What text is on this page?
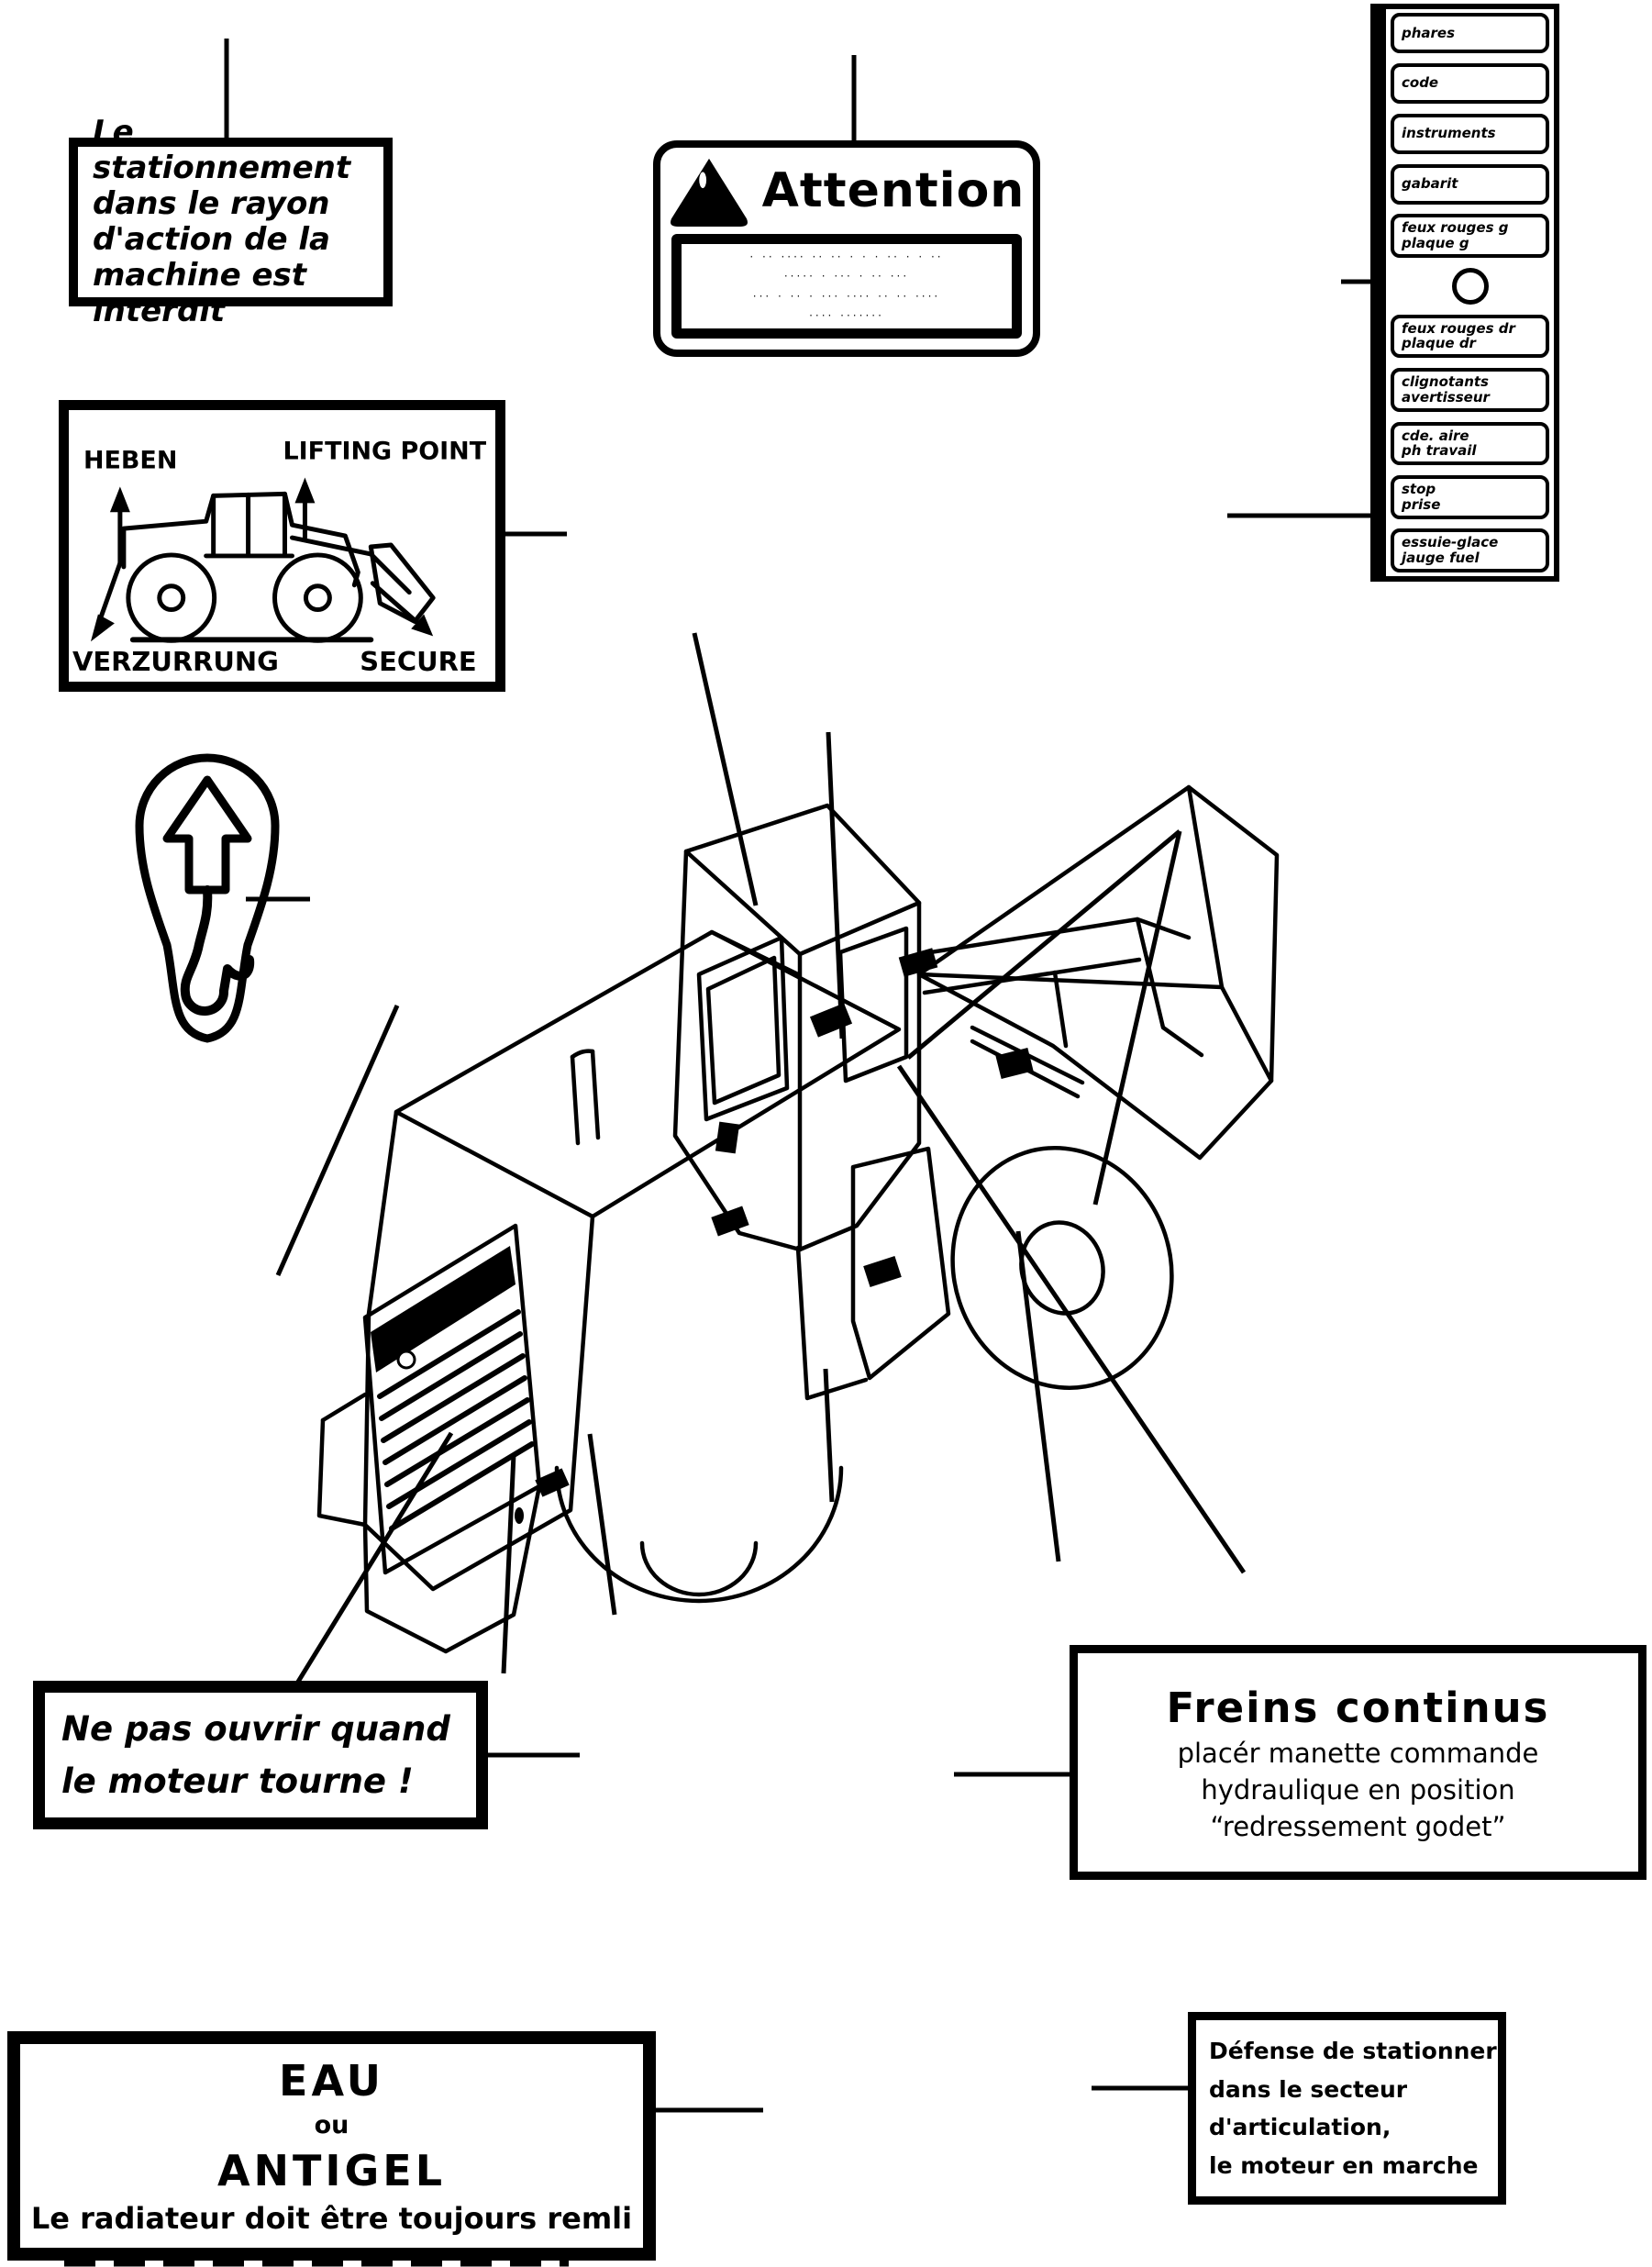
Le stationnement
dans le rayon
d'action de la
machine est interdit
Attention
· ·· ···· ·· ·· · · · ·· · · ··
····· · ··· · ·· ···
··· · ·· · ··· ···· ·· ·· ····
···· ·······
phares
code
instruments
gabarit
feux rouges g
plaque g
feux rouges dr
plaque dr
clignotants
avertisseur
cde. aire
ph travail
stop
prise
essuie-glace
jauge fuel
HEBEN	LIFTING POINT
VERZURRUNG	SECURE
Ne pas ouvrir quand
le moteur tourne !
Freins continus
placér manette commande
hydraulique en position
“redressement godet”
EAU
ou
ANTIGEL
Le radiateur doit être toujours remli
Défense de stationner
dans le secteur
d'articulation,
le moteur en marche
